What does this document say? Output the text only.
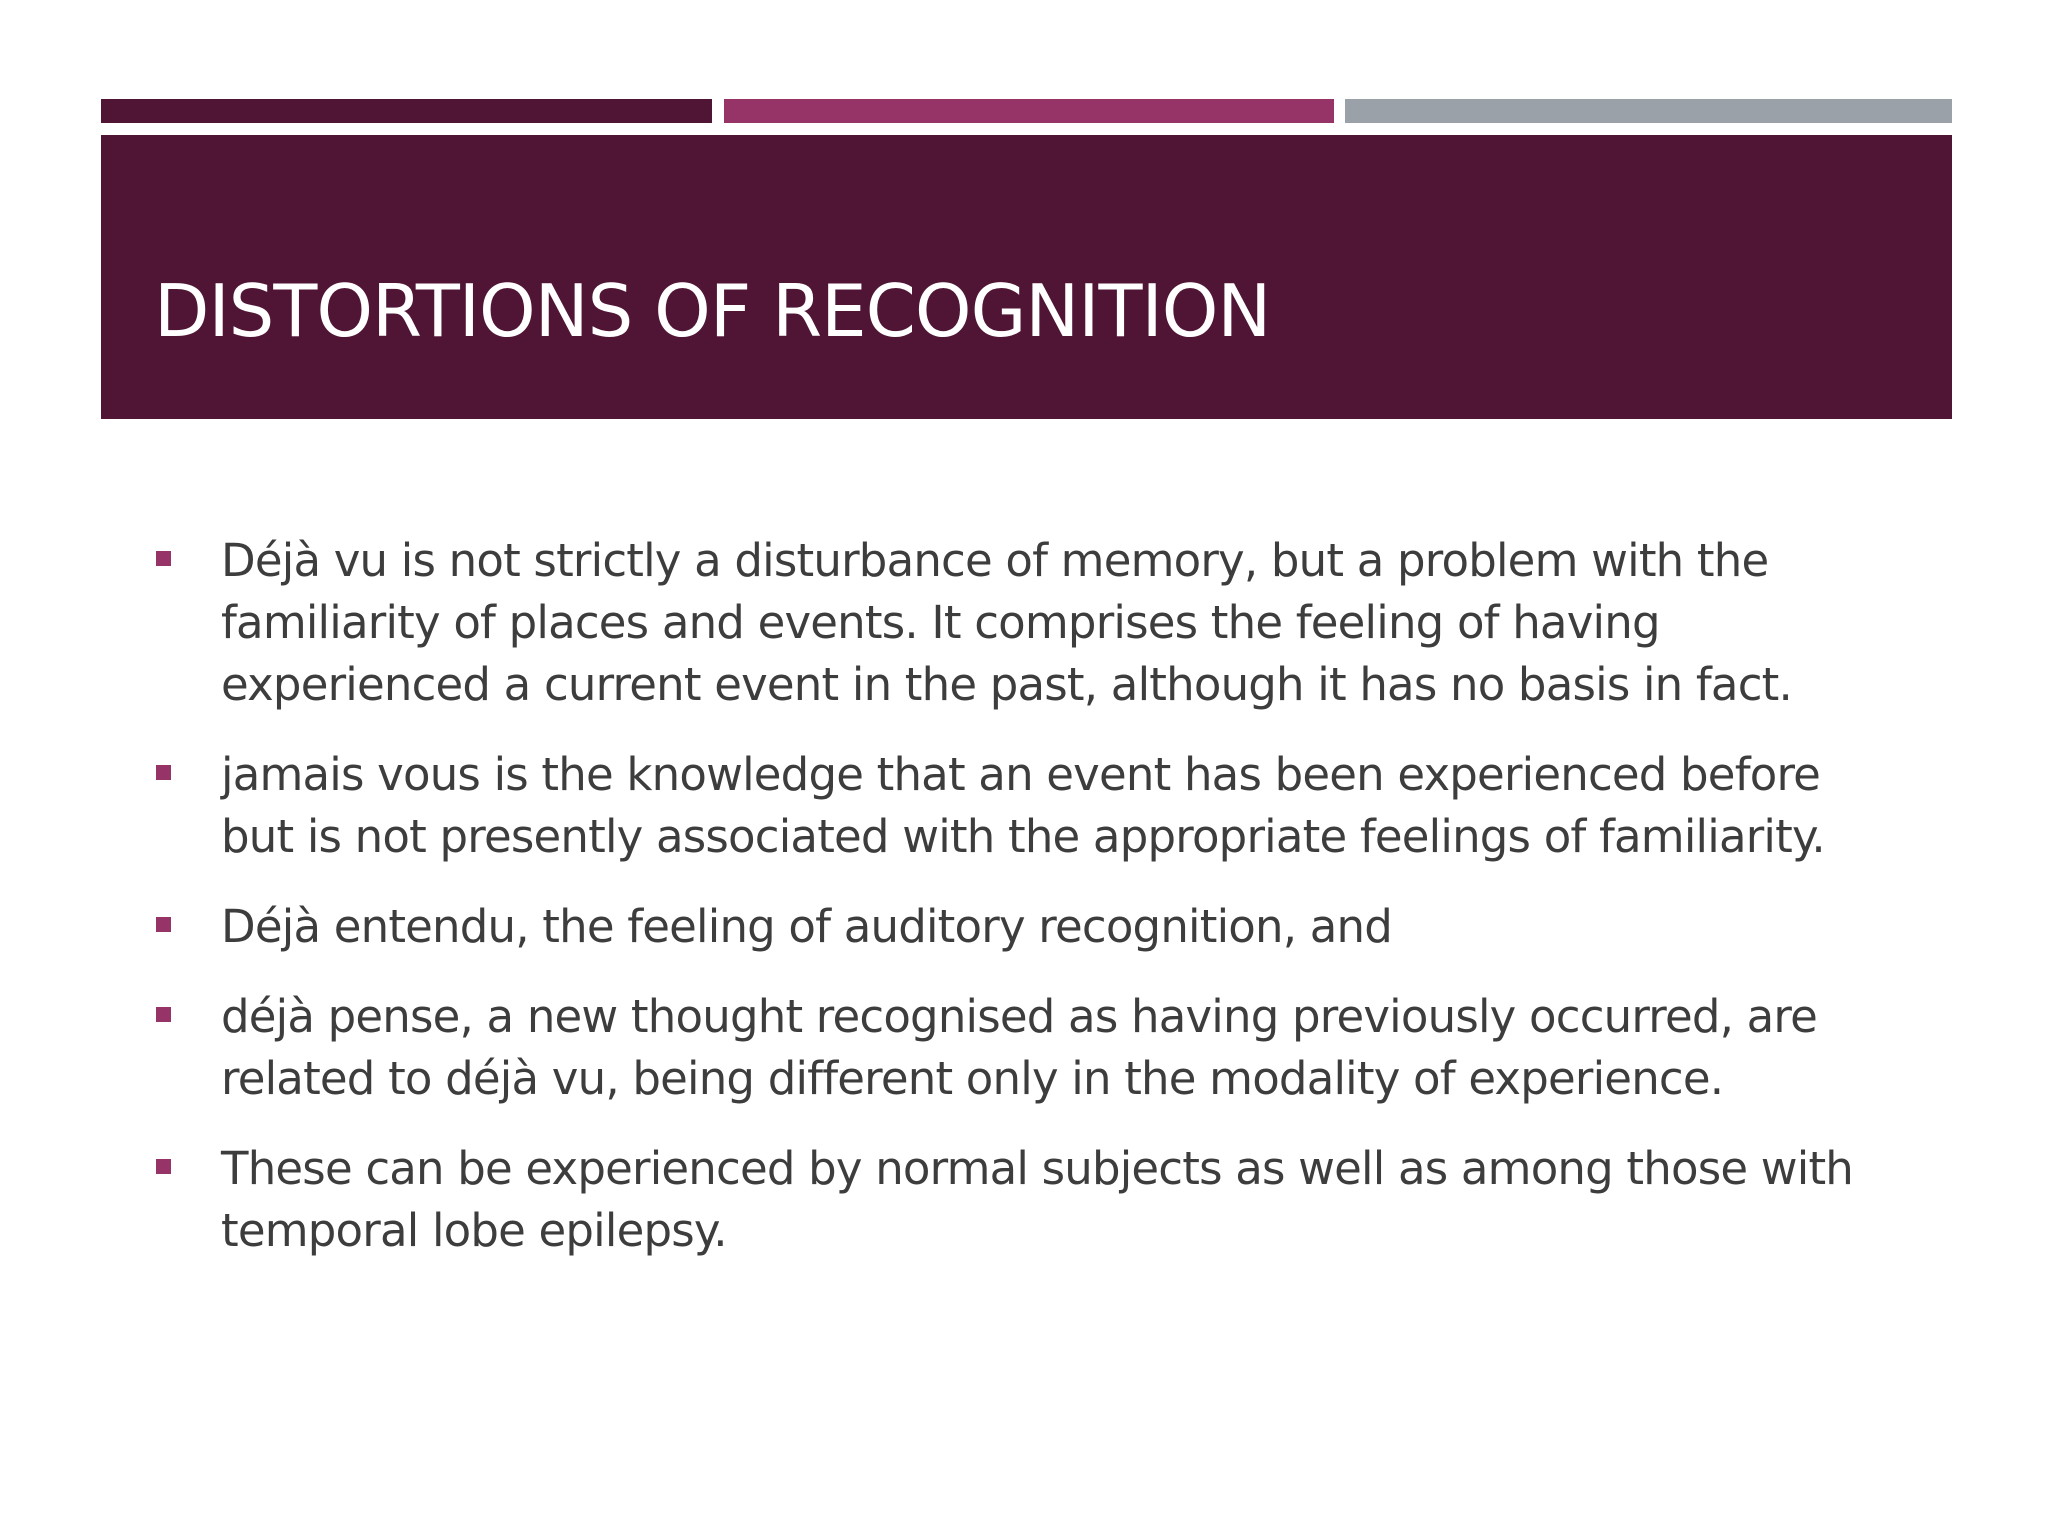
DISTORTIONS OF RECOGNITION
Déjà vu is not strictly a disturbance of memory, but a problem with the
familiarity of places and events. It comprises the feeling of having
experienced a current event in the past, although it has no basis in fact.
jamais vous is the knowledge that an event has been experienced before
but is not presently associated with the appropriate feelings of familiarity.
Déjà entendu, the feeling of auditory recognition, and
déjà pense, a new thought recognised as having previously occurred, are
related to déjà vu, being different only in the modality of experience.
These can be experienced by normal subjects as well as among those with
temporal lobe epilepsy.
